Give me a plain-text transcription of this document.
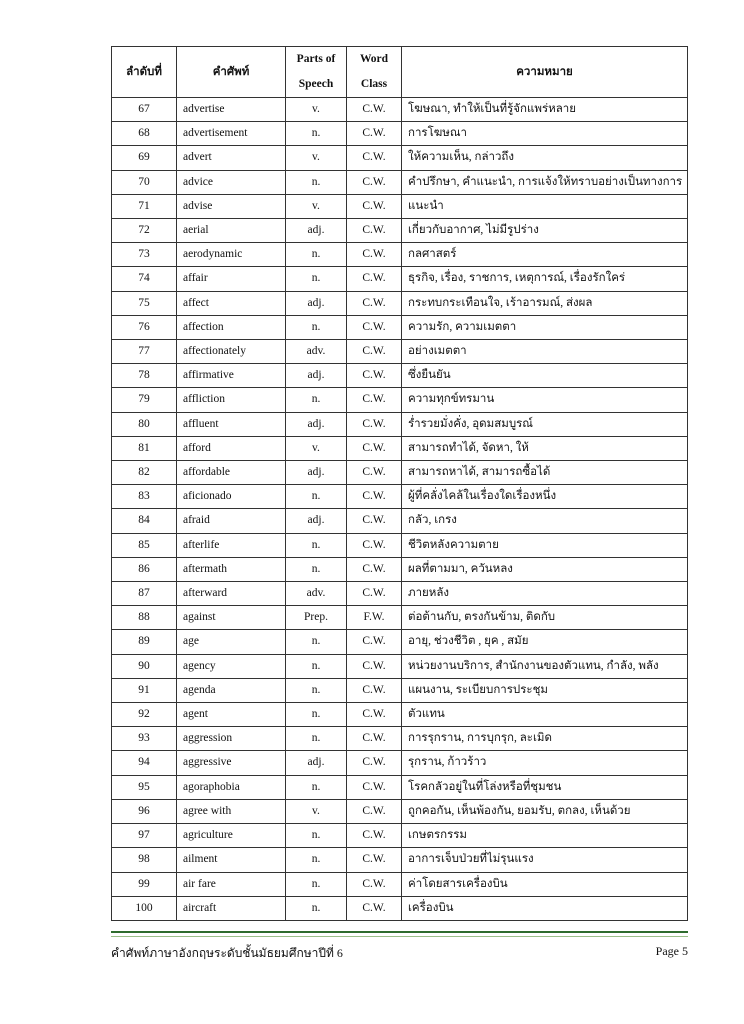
ลำดับที่	คำศัพท์	Parts of	Word	ความหมาย
		Speech	Class	
67	advertise	v.	C.W.	โฆษณา, ทำให้เป็นที่รู้จักแพร่หลาย
68	advertisement	n.	C.W.	การโฆษณา
69	advert	v.	C.W.	ให้ความเห็น, กล่าวถึง
70	advice	n.	C.W.	คำปรึกษา, คำแนะนำ, การแจ้งให้ทราบอย่างเป็นทางการ
71	advise	v.	C.W.	แนะนำ
72	aerial	adj.	C.W.	เกี่ยวกับอากาศ, ไม่มีรูปร่าง
73	aerodynamic	n.	C.W.	กลศาสตร์
74	affair	n.	C.W.	ธุรกิจ, เรื่อง, ราชการ, เหตุการณ์, เรื่องรักใคร่
75	affect	adj.	C.W.	กระทบกระเทือนใจ, เร้าอารมณ์, ส่งผล
76	affection	n.	C.W.	ความรัก, ความเมตตา
77	affectionately	adv.	C.W.	อย่างเมตตา
78	affirmative	adj.	C.W.	ซึ่งยืนยัน
79	affliction	n.	C.W.	ความทุกข์ทรมาน
80	affluent	adj.	C.W.	ร่ำรวยมั่งคั่ง, อุดมสมบูรณ์
81	afford	v.	C.W.	สามารถทำได้, จัดหา, ให้
82	affordable	adj.	C.W.	สามารถหาได้, สามารถซื้อได้
83	aficionado	n.	C.W.	ผู้ที่คลั่งไคล้ในเรื่องใดเรื่องหนึ่ง
84	afraid	adj.	C.W.	กลัว, เกรง
85	afterlife	n.	C.W.	ชีวิตหลังความตาย
86	aftermath	n.	C.W.	ผลที่ตามมา, ควันหลง
87	afterward	adv.	C.W.	ภายหลัง
88	against	Prep.	F.W.	ต่อต้านกับ, ตรงกันข้าม, ติดกับ
89	age	n.	C.W.	อายุ, ช่วงชีวิต , ยุค , สมัย
90	agency	n.	C.W.	หน่วยงานบริการ, สำนักงานของตัวแทน, กำลัง, พลัง
91	agenda	n.	C.W.	แผนงาน, ระเบียบการประชุม
92	agent	n.	C.W.	ตัวแทน
93	aggression	n.	C.W.	การรุกราน, การบุกรุก, ละเมิด
94	aggressive	adj.	C.W.	รุกราน, ก้าวร้าว
95	agoraphobia	n.	C.W.	โรคกลัวอยู่ในที่โล่งหรือที่ชุมชน
96	agree with	v.	C.W.	ถูกคอกัน, เห็นพ้องกัน, ยอมรับ, ตกลง, เห็นด้วย
97	agriculture	n.	C.W.	เกษตรกรรม
98	ailment	n.	C.W.	อาการเจ็บป่วยที่ไม่รุนแรง
99	air fare	n.	C.W.	ค่าโดยสารเครื่องบิน
100	aircraft	n.	C.W.	เครื่องบิน
คำศัพท์ภาษาอังกฤษระดับชั้นมัธยมศึกษาปีที่ 6	Page 5
